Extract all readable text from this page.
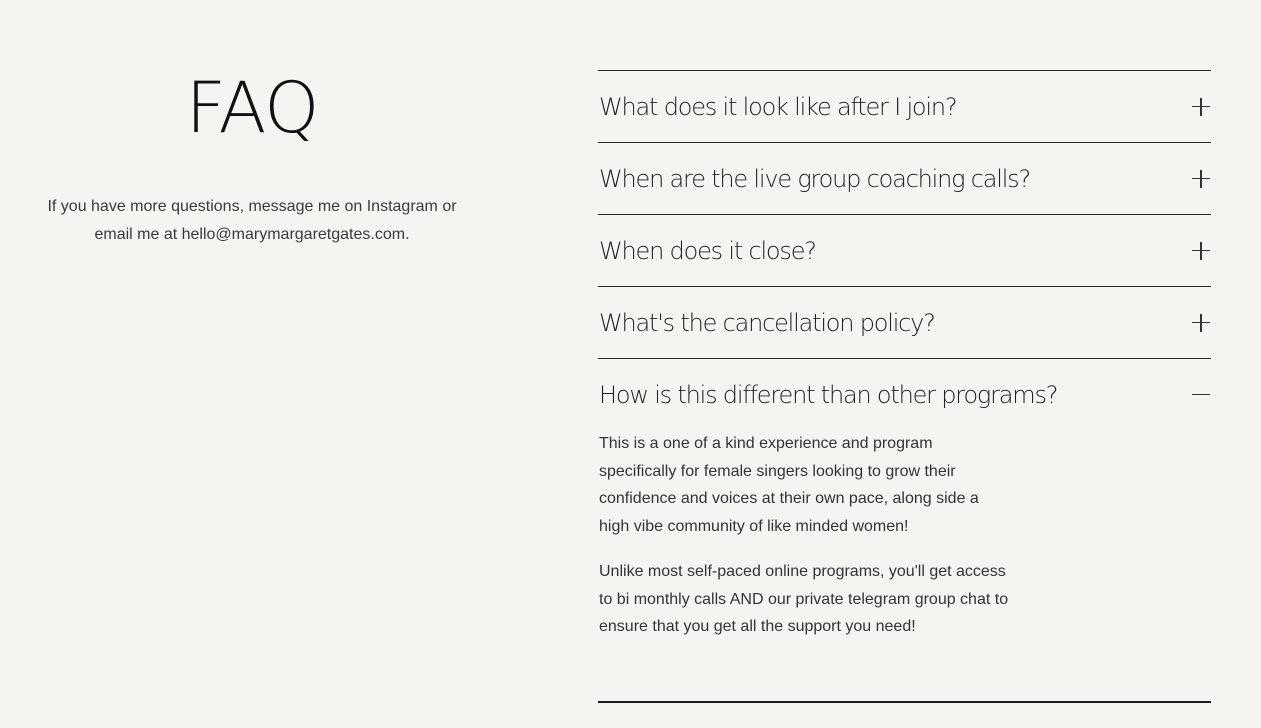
FAQ

If you have more questions, message me on Instagram or email me at hello@marymargaretgates.com.

What does it look like after I join?
When are the live group coaching calls?
When does it close?
What's the cancellation policy?
How is this different than other programs?

This is a one of a kind experience and program specifically for female singers looking to grow their confidence and voices at their own pace, along side a high vibe community of like minded women!

Unlike most self-paced online programs, you'll get access to bi monthly calls AND our private telegram group chat to ensure that you get all the support you need!
